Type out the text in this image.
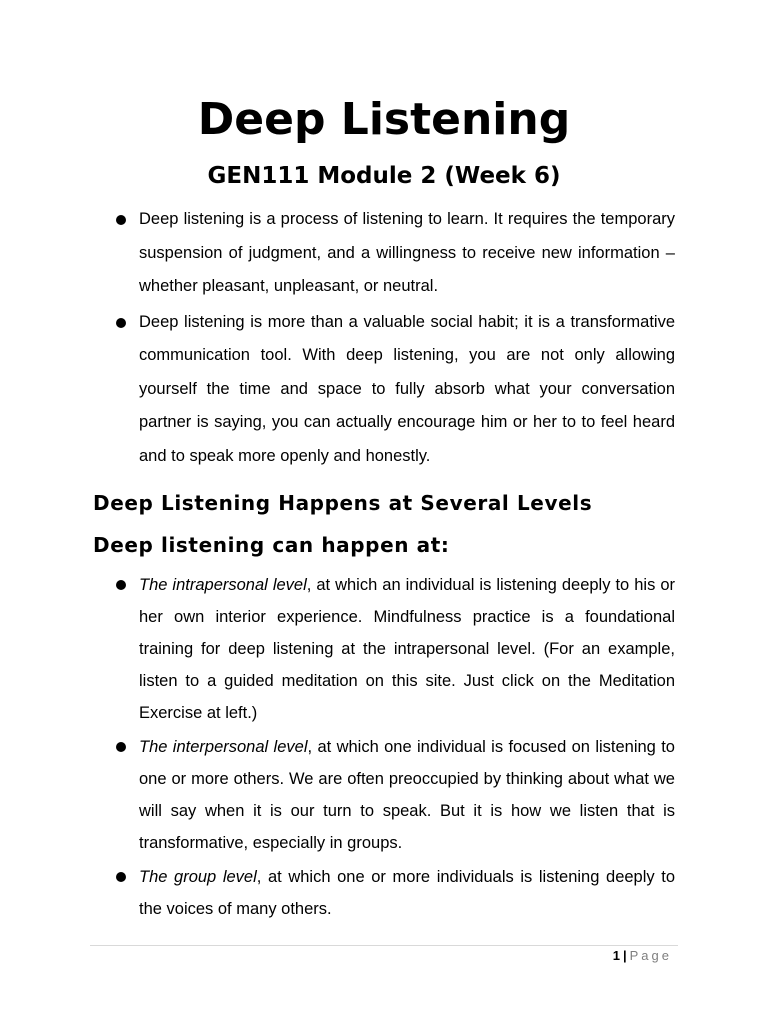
Deep Listening
GEN111 Module 2 (Week 6)
Deep listening is a process of listening to learn. It requires the temporary suspension of judgment, and a willingness to receive new information – whether pleasant, unpleasant, or neutral.
Deep listening is more than a valuable social habit; it is a transformative communication tool. With deep listening, you are not only allowing yourself the time and space to fully absorb what your conversation partner is saying, you can actually encourage him or her to to feel heard and to speak more openly and honestly.
Deep Listening Happens at Several Levels
Deep listening can happen at:
The intrapersonal level, at which an individual is listening deeply to his or her own interior experience. Mindfulness practice is a foundational training for deep listening at the intrapersonal level. (For an example, listen to a guided meditation on this site. Just click on the Meditation Exercise at left.)
The interpersonal level, at which one individual is focused on listening to one or more others. We are often preoccupied by thinking about what we will say when it is our turn to speak. But it is how we listen that is transformative, especially in groups.
The group level, at which one or more individuals is listening deeply to the voices of many others.
1 | Page
